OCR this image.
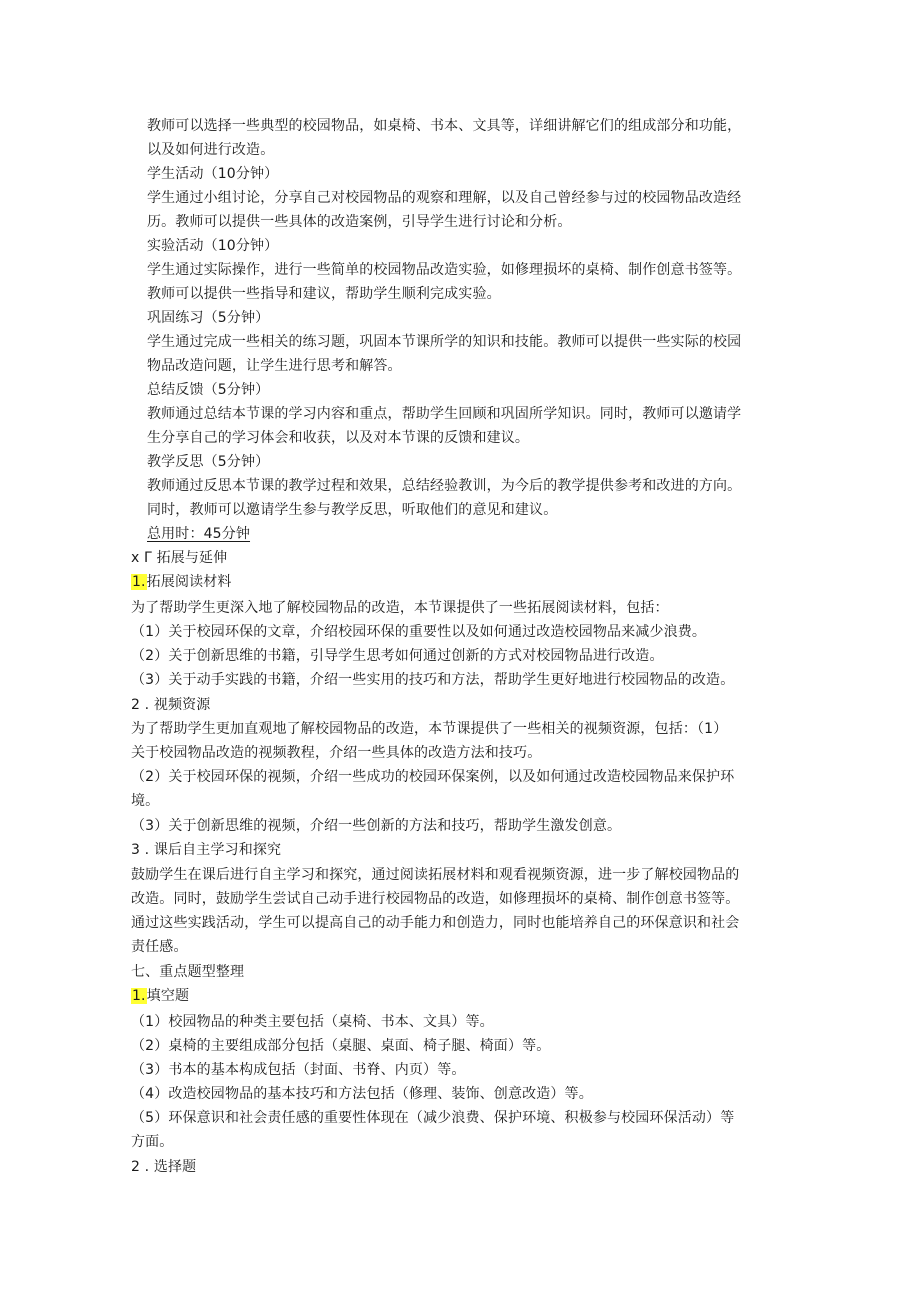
教师可以选择一些典型的校园物品，如桌椅、书本、文具等，详细讲解它们的组成部分和功能，
以及如何进行改造。
学生活动（10分钟）
学生通过小组讨论，分享自己对校园物品的观察和理解，以及自己曾经参与过的校园物品改造经
历。教师可以提供一些具体的改造案例，引导学生进行讨论和分析。
实验活动（10分钟）
学生通过实际操作，进行一些简单的校园物品改造实验，如修理损坏的桌椅、制作创意书签等。
教师可以提供一些指导和建议，帮助学生顺利完成实验。
巩固练习（5分钟）
学生通过完成一些相关的练习题，巩固本节课所学的知识和技能。教师可以提供一些实际的校园
物品改造问题，让学生进行思考和解答。
总结反馈（5分钟）
教师通过总结本节课的学习内容和重点，帮助学生回顾和巩固所学知识。同时，教师可以邀请学
生分享自己的学习体会和收获，以及对本节课的反馈和建议。
教学反思（5分钟）
教师通过反思本节课的教学过程和效果，总结经验教训，为今后的教学提供参考和改进的方向。
同时，教师可以邀请学生参与教学反思，听取他们的意见和建议。
总用时：45分钟
x Γ 拓展与延伸
1.拓展阅读材料
为了帮助学生更深入地了解校园物品的改造，本节课提供了一些拓展阅读材料，包括：
（1）关于校园环保的文章，介绍校园环保的重要性以及如何通过改造校园物品来减少浪费。
（2）关于创新思维的书籍，引导学生思考如何通过创新的方式对校园物品进行改造。
（3）关于动手实践的书籍，介绍一些实用的技巧和方法，帮助学生更好地进行校园物品的改造。
2 . 视频资源
为了帮助学生更加直观地了解校园物品的改造，本节课提供了一些相关的视频资源，包括：（1）
关于校园物品改造的视频教程，介绍一些具体的改造方法和技巧。
（2）关于校园环保的视频，介绍一些成功的校园环保案例，以及如何通过改造校园物品来保护环
境。
（3）关于创新思维的视频，介绍一些创新的方法和技巧，帮助学生激发创意。
3 . 课后自主学习和探究
鼓励学生在课后进行自主学习和探究，通过阅读拓展材料和观看视频资源，进一步了解校园物品的
改造。同时，鼓励学生尝试自己动手进行校园物品的改造，如修理损坏的桌椅、制作创意书签等。
通过这些实践活动，学生可以提高自己的动手能力和创造力，同时也能培养自己的环保意识和社会
责任感。
七、重点题型整理
1.填空题
（1）校园物品的种类主要包括（桌椅、书本、文具）等。
（2）桌椅的主要组成部分包括（桌腿、桌面、椅子腿、椅面）等。
（3）书本的基本构成包括（封面、书脊、内页）等。
（4）改造校园物品的基本技巧和方法包括（修理、装饰、创意改造）等。
（5）环保意识和社会责任感的重要性体现在（减少浪费、保护环境、积极参与校园环保活动）等
方面。
2 . 选择题
